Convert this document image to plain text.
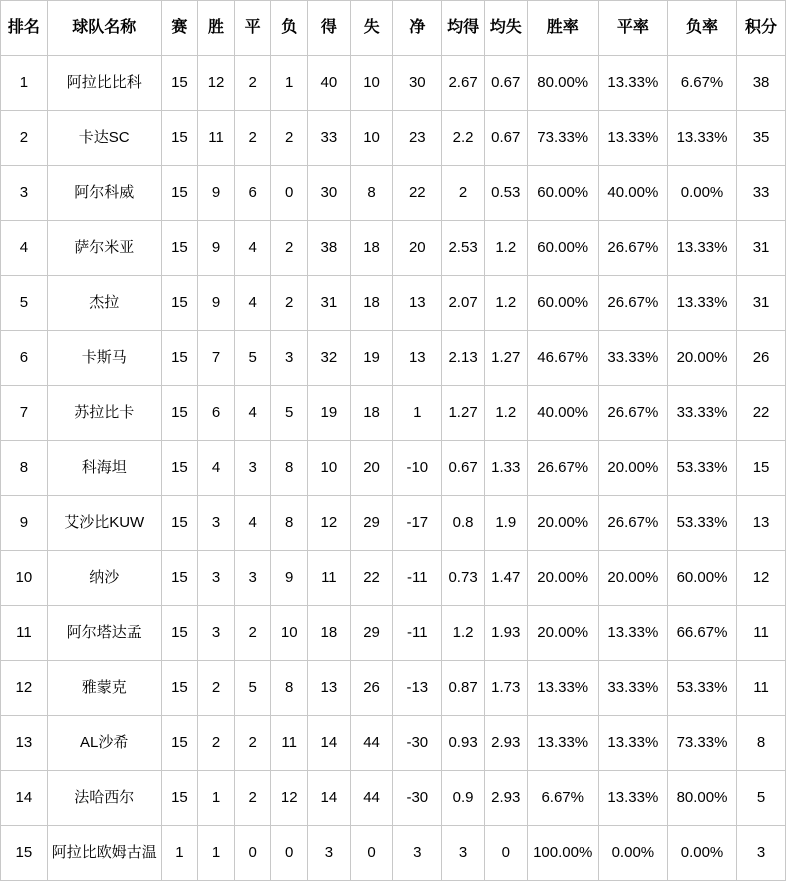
排名	球队名称	赛	胜	平	负	得	失	净	均得	均失	胜率	平率	负率	积分
1	阿拉比比科	15	12	2	1	40	10	30	2.67	0.67	80.00%	13.33%	6.67%	38
2	卡达SC	15	11	2	2	33	10	23	2.2	0.67	73.33%	13.33%	13.33%	35
3	阿尔科威	15	9	6	0	30	8	22	2	0.53	60.00%	40.00%	0.00%	33
4	萨尔米亚	15	9	4	2	38	18	20	2.53	1.2	60.00%	26.67%	13.33%	31
5	杰拉	15	9	4	2	31	18	13	2.07	1.2	60.00%	26.67%	13.33%	31
6	卡斯马	15	7	5	3	32	19	13	2.13	1.27	46.67%	33.33%	20.00%	26
7	苏拉比卡	15	6	4	5	19	18	1	1.27	1.2	40.00%	26.67%	33.33%	22
8	科海坦	15	4	3	8	10	20	-10	0.67	1.33	26.67%	20.00%	53.33%	15
9	艾沙比KUW	15	3	4	8	12	29	-17	0.8	1.9	20.00%	26.67%	53.33%	13
10	纳沙	15	3	3	9	11	22	-11	0.73	1.47	20.00%	20.00%	60.00%	12
11	阿尔塔达孟	15	3	2	10	18	29	-11	1.2	1.93	20.00%	13.33%	66.67%	11
12	雅蒙克	15	2	5	8	13	26	-13	0.87	1.73	13.33%	33.33%	53.33%	11
13	AL沙希	15	2	2	11	14	44	-30	0.93	2.93	13.33%	13.33%	73.33%	8
14	法哈西尔	15	1	2	12	14	44	-30	0.9	2.93	6.67%	13.33%	80.00%	5
15	阿拉比欧姆古温	1	1	0	0	3	0	3	3	0	100.00%	0.00%	0.00%	3
